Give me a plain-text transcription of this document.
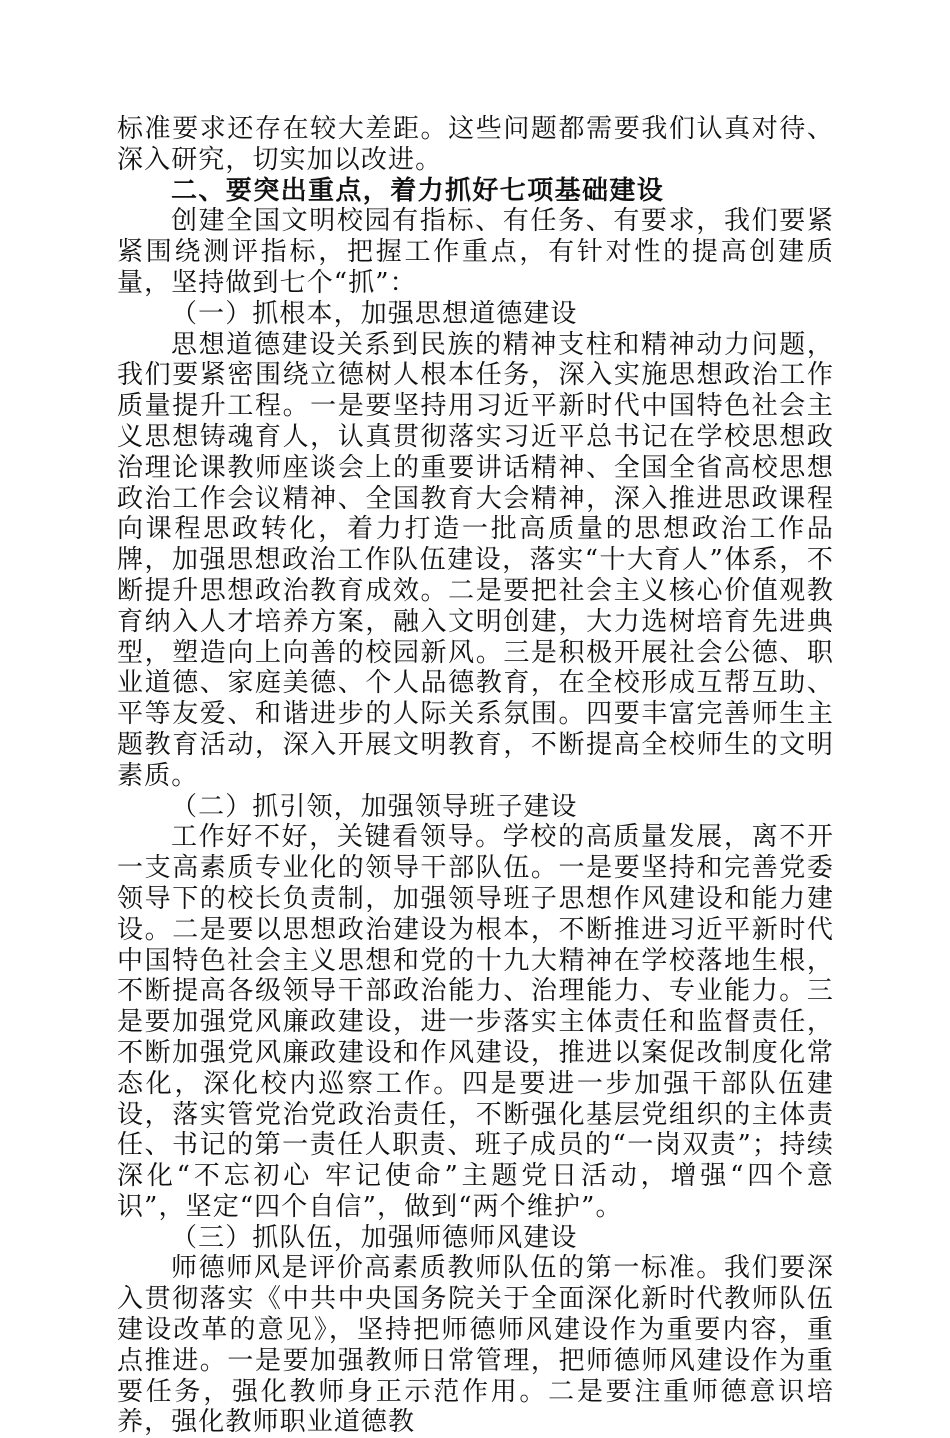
标准要求还存在较大差距。这些问题都需要我们认真对待、深入研究，切实加以改进。

二、要突出重点，着力抓好七项基础建设

创建全国文明校园有指标、有任务、有要求，我们要紧紧围绕测评指标，把握工作重点，有针对性的提高创建质量，坚持做到七个“抓”：

（一）抓根本，加强思想道德建设

思想道德建设关系到民族的精神支柱和精神动力问题，我们要紧密围绕立德树人根本任务，深入实施思想政治工作质量提升工程。一是要坚持用习近平新时代中国特色社会主义思想铸魂育人，认真贯彻落实习近平总书记在学校思想政治理论课教师座谈会上的重要讲话精神、全国全省高校思想政治工作会议精神、全国教育大会精神，深入推进思政课程向课程思政转化，着力打造一批高质量的思想政治工作品牌，加强思想政治工作队伍建设，落实“十大育人”体系，不断提升思想政治教育成效。二是要把社会主义核心价值观教育纳入人才培养方案，融入文明创建，大力选树培育先进典型，塑造向上向善的校园新风。三是积极开展社会公德、职业道德、家庭美德、个人品德教育，在全校形成互帮互助、平等友爱、和谐进步的人际关系氛围。四要丰富完善师生主题教育活动，深入开展文明教育，不断提高全校师生的文明素质。

（二）抓引领，加强领导班子建设

工作好不好，关键看领导。学校的高质量发展，离不开一支高素质专业化的领导干部队伍。一是要坚持和完善党委领导下的校长负责制，加强领导班子思想作风建设和能力建设。二是要以思想政治建设为根本，不断推进习近平新时代中国特色社会主义思想和党的十九大精神在学校落地生根，不断提高各级领导干部政治能力、治理能力、专业能力。三是要加强党风廉政建设，进一步落实主体责任和监督责任，不断加强党风廉政建设和作风建设，推进以案促改制度化常态化，深化校内巡察工作。四是要进一步加强干部队伍建设，落实管党治党政治责任，不断强化基层党组织的主体责任、书记的第一责任人职责、班子成员的“一岗双责”；持续深化“不忘初心 牢记使命”主题党日活动，增强“四个意识”，坚定“四个自信”，做到“两个维护”。

（三）抓队伍，加强师德师风建设

师德师风是评价高素质教师队伍的第一标准。我们要深入贯彻落实《中共中央国务院关于全面深化新时代教师队伍建设改革的意见》，坚持把师德师风建设作为重要内容，重点推进。一是要加强教师日常管理，把师德师风建设作为重要任务，强化教师身正示范作用。二是要注重师德意识培养，强化教师职业道德教
